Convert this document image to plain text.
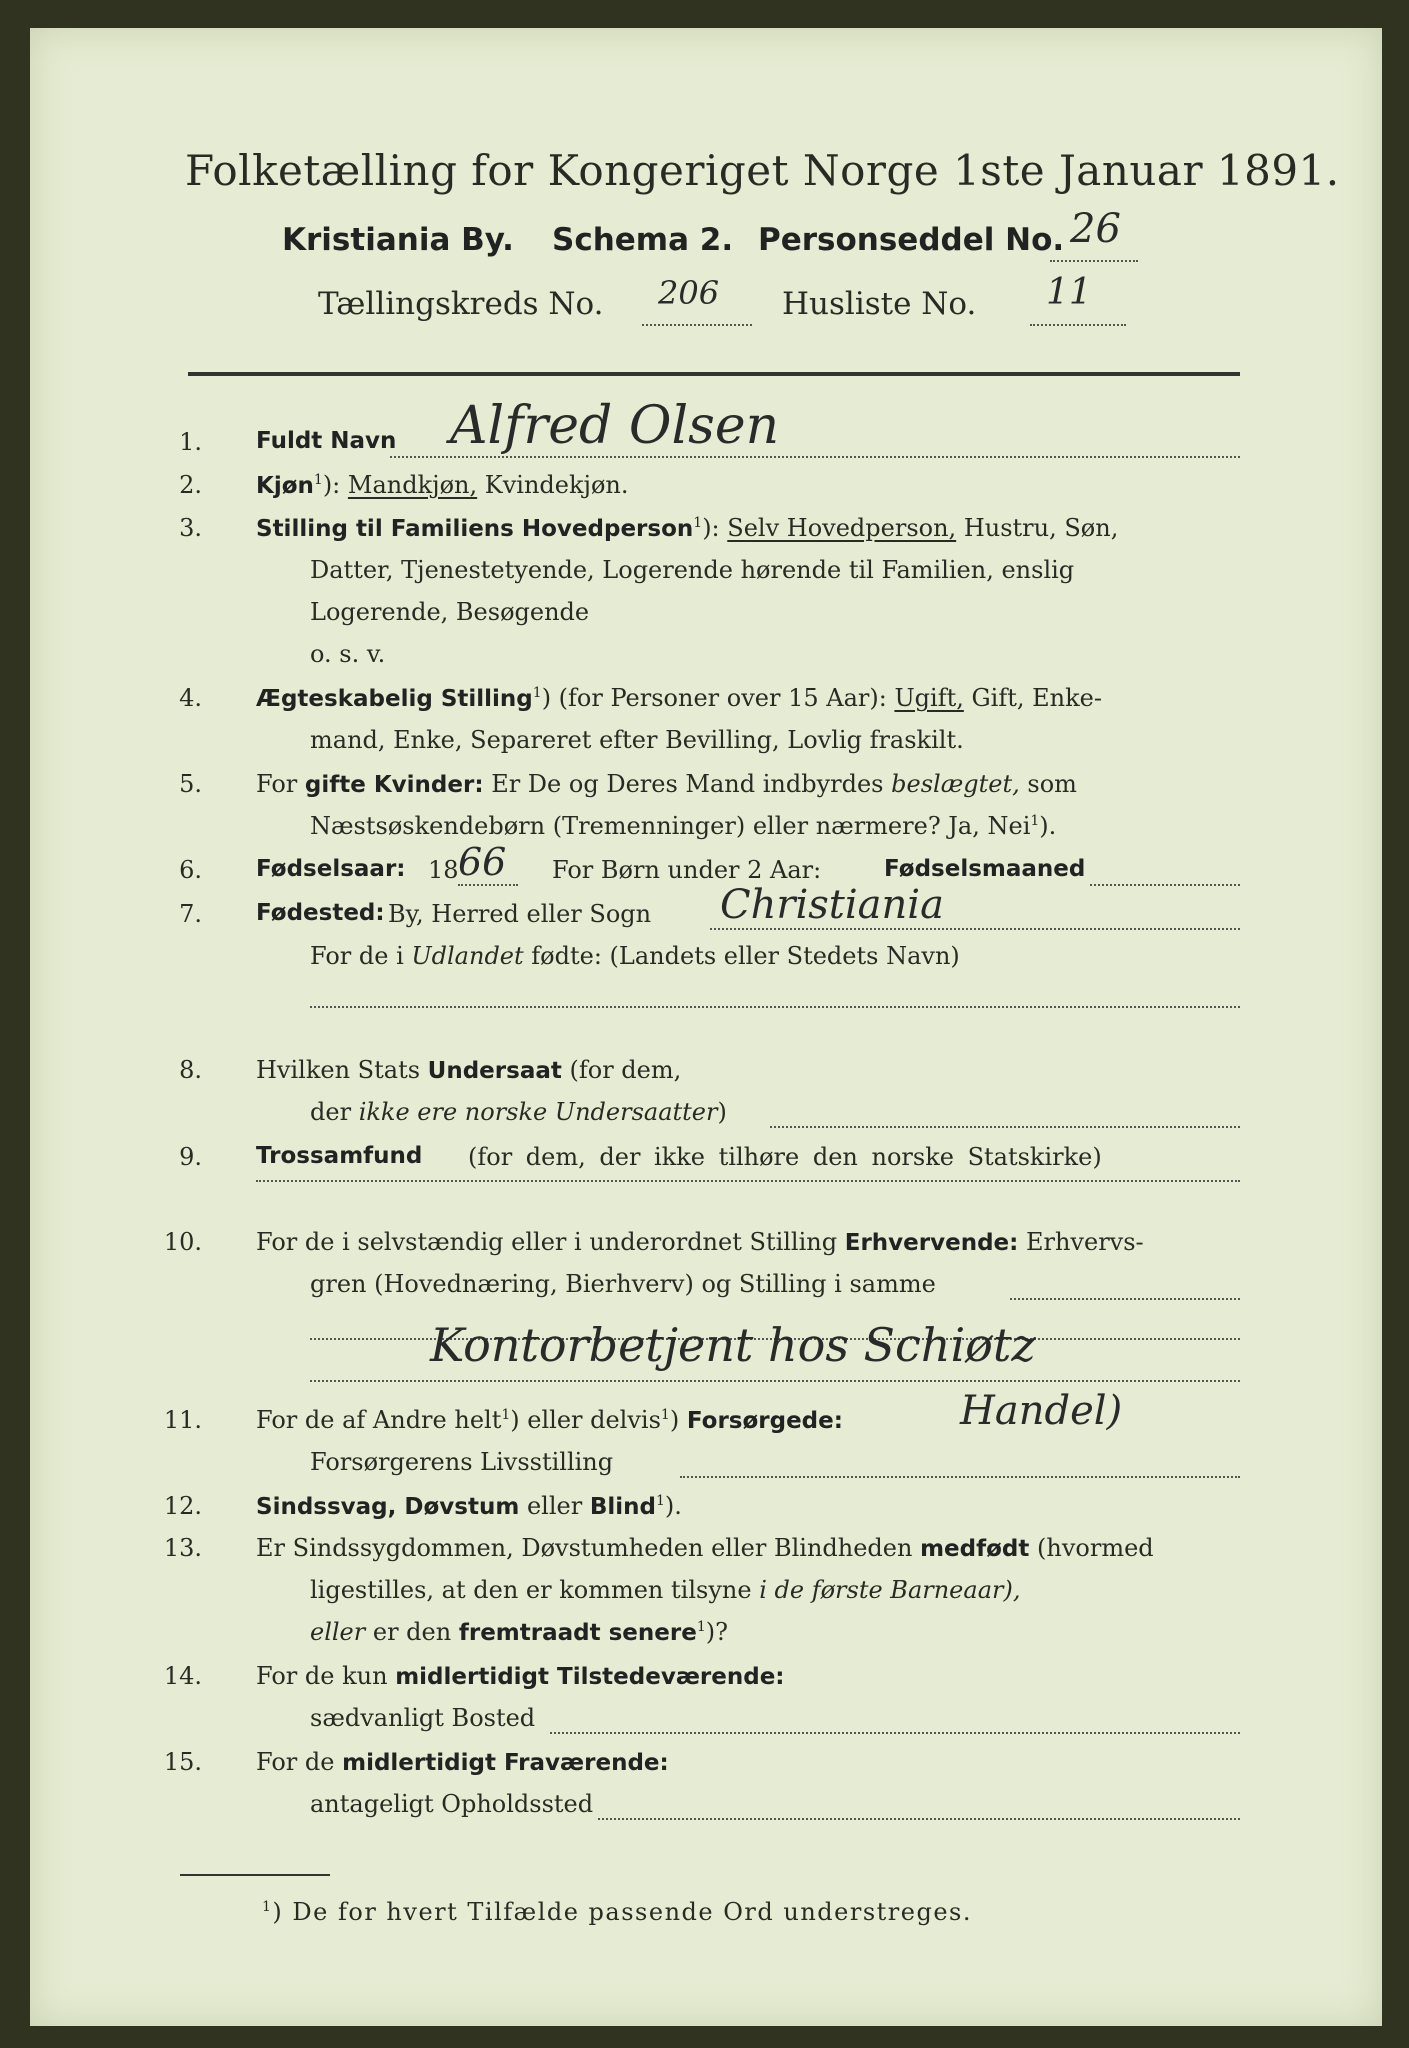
Folketælling for Kongeriget Norge 1ste Januar 1891.
Kristiania By. Schema 2. Personseddel No. 26
Tællingskreds No. 206 Husliste No. 11
1. Fuldt Navn Alfred Olsen
2. Kjøn$^1$): Mandkjøn, Kvindekjøn.
3. Stilling til Familiens Hovedperson$^1$): Selv Hovedperson, Hustru, Søn,
Datter, Tjenestetyende, Logerende hørende til Familien, enslig
Logerende, Besøgende
o. s. v.
4. Ægteskabelig Stilling$^1$) (for Personer over 15 Aar): Ugift, Gift, Enke-
mand, Enke, Separeret efter Bevilling, Lovlig fraskilt.
5. For gifte Kvinder: Er De og Deres Mand indbyrdes beslægtet, som
Næstsøskendebørn (Tremenninger) eller nærmere? Ja, Nei$^1$).
6. Fødselsaar: 18 66 For Børn under 2 Aar:	Fødselsmaaned
7. Fødested: By, Herred eller Sogn Christiania
For de i Udlandet fødte: (Landets eller Stedets Navn)
8. Hvilken Stats Undersaat (for dem,
der ikke ere norske Undersaatter)
9. Trossamfund (for dem, der ikke tilhøre den norske Statskirke)
10. For de i selvstændig eller i underordnet Stilling Erhvervende: Erhvervs-
gren (Hovednæring, Bierhverv) og Stilling i samme
Kontorbetjent hos Schiøtz
11. For de af Andre helt$^1$) eller delvis$^1$) Forsørgede:	Handel)
Forsørgerens Livsstilling
12. Sindssvag, Døvstum eller Blind$^1$).
13. Er Sindssygdommen, Døvstumheden eller Blindheden medfødt (hvormed
ligestilles, at den er kommen tilsyne i de første Barneaar),
eller er den fremtraadt senere$^1$)?
14. For de kun midlertidigt Tilstedeværende:
sædvanligt Bosted
15. For de midlertidigt Fraværende:
antageligt Opholdssted
$^1$) De for hvert Tilfælde passende Ord understreges.
